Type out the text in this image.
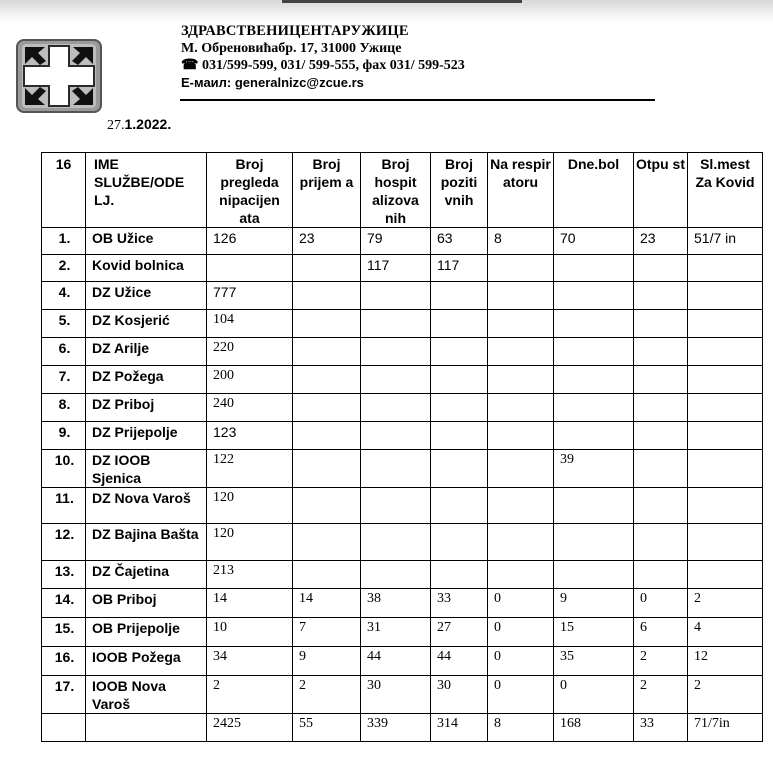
ЗДРАВСТВЕНИЦЕНТАРУЖИЦЕ
М. Обреновићабр. 17, 31000 Ужице
☎ 031/599-599, 031/ 599-555, фах 031/ 599-523
Е-маил: generalnizc@zcue.rs
27.1.2022.
16	IME SLUŽBE/ODE LJ.	Broj pregleda nipacijen ata	Broj prijem a	Broj hospit alizova nih	Broj poziti vnih	Na respir atoru	Dne.bol	Otpu st	Sl.mest Za Kovid
1.	OB Užice	126	23	79	63	8	70	23	51/7 in
2.	Kovid bolnica			117	117				
4.	DZ Užice	777							
5.	DZ Kosjerić	104							
6.	DZ Arilje	220							
7.	DZ Požega	200							
8.	DZ Priboj	240							
9.	DZ Prijepolje	123							
10.	DZ IOOB Sjenica	122					39		
11.	DZ Nova Varoš	120							
12.	DZ Bajina Bašta	120							
13.	DZ Čajetina	213							
14.	OB Priboj	14	14	38	33	0	9	0	2
15.	OB Prijepolje	10	7	31	27	0	15	6	4
16.	IOOB Požega	34	9	44	44	0	35	2	12
17.	IOOB Nova Varoš	2	2	30	30	0	0	2	2
		2425	55	339	314	8	168	33	71/7in
